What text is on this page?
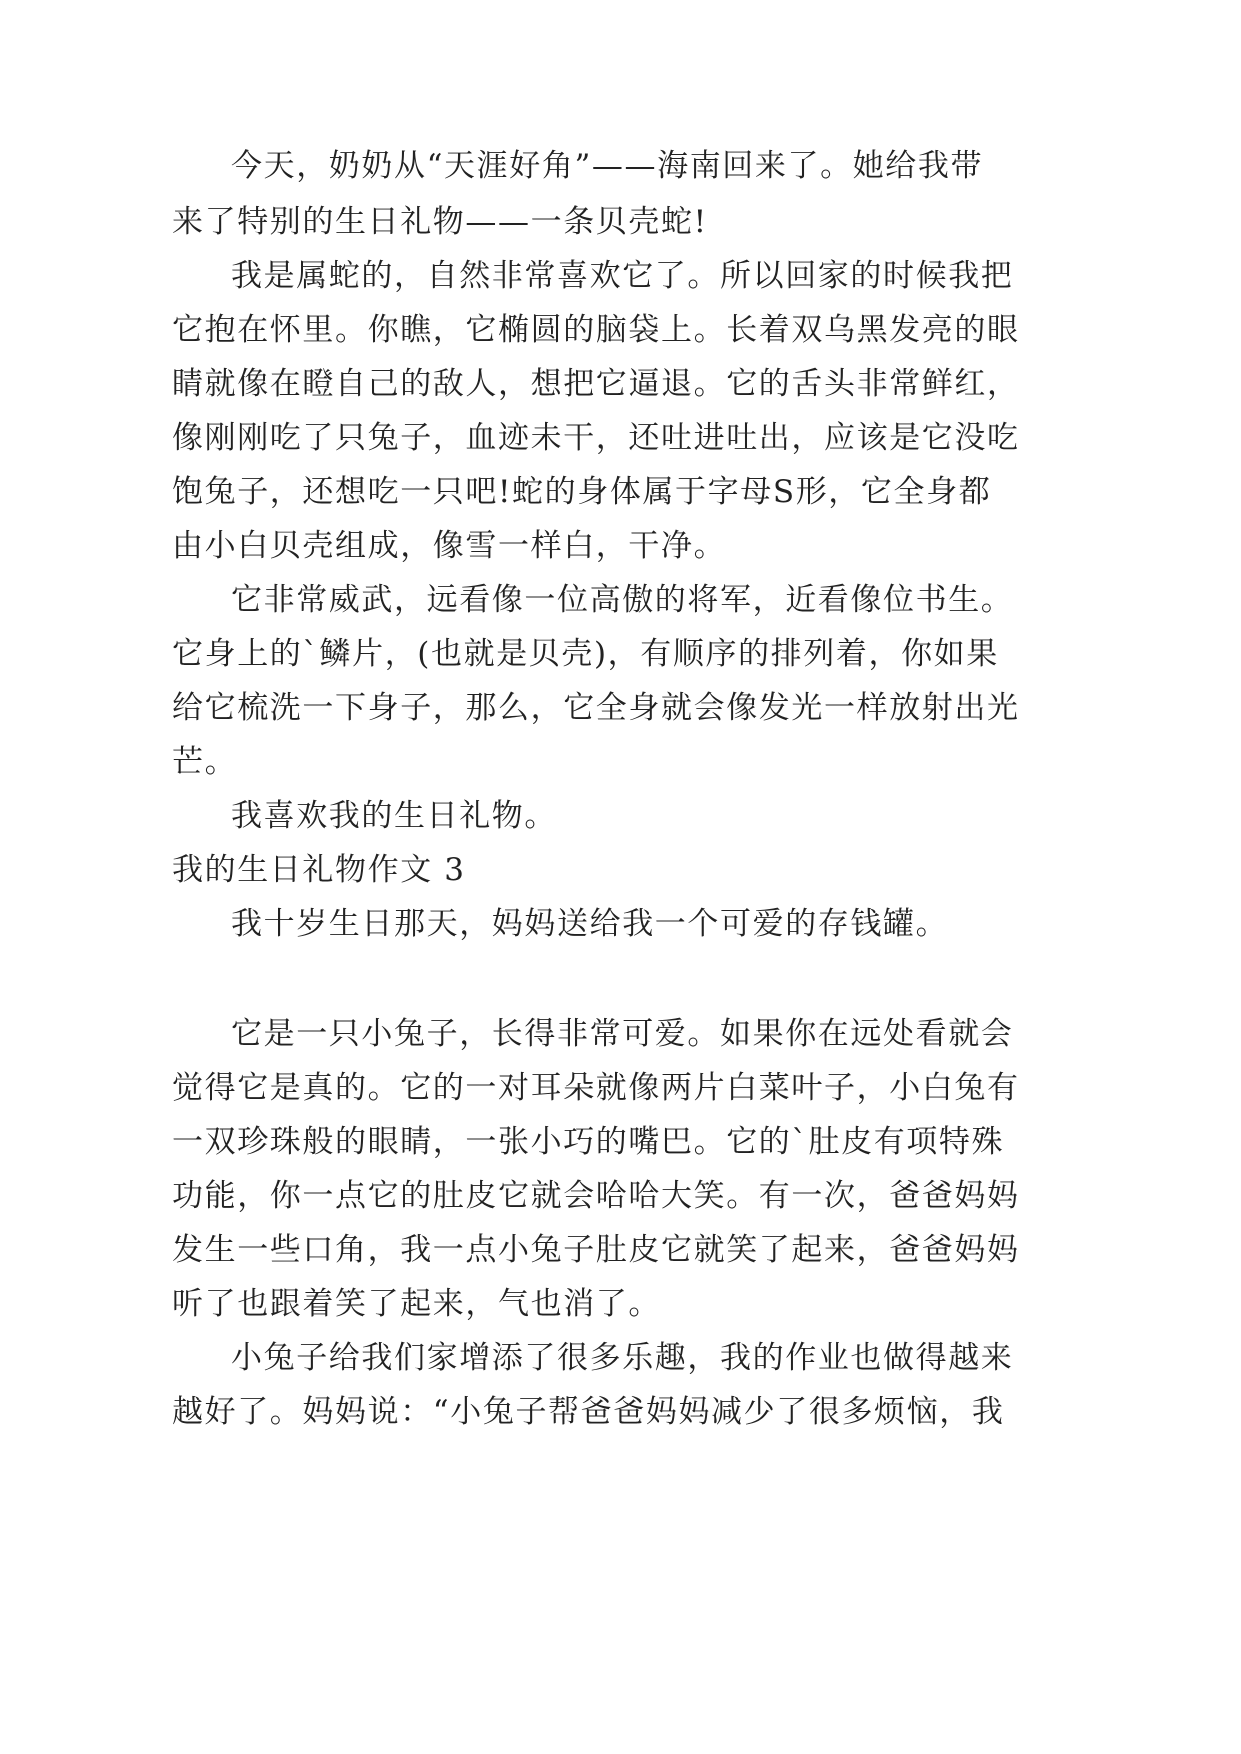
今天，奶奶从“天涯好角”——海南回来了。她给我带
来了特别的生日礼物——一条贝壳蛇!
我是属蛇的，自然非常喜欢它了。所以回家的时候我把
它抱在怀里。你瞧，它椭圆的脑袋上。长着双乌黑发亮的眼
睛就像在瞪自己的敌人，想把它逼退。它的舌头非常鲜红，
像刚刚吃了只兔子，血迹未干，还吐进吐出，应该是它没吃
饱兔子，还想吃一只吧!蛇的身体属于字母S形，它全身都
由小白贝壳组成，像雪一样白，干净。
它非常威武，远看像一位高傲的将军，近看像位书生。
它身上的`鳞片，(也就是贝壳)，有顺序的排列着，你如果
给它梳洗一下身子，那么，它全身就会像发光一样放射出光
芒。
我喜欢我的生日礼物。
我的生日礼物作文 3
我十岁生日那天，妈妈送给我一个可爱的存钱罐。
它是一只小兔子，长得非常可爱。如果你在远处看就会
觉得它是真的。它的一对耳朵就像两片白菜叶子，小白兔有
一双珍珠般的眼睛，一张小巧的嘴巴。它的`肚皮有项特殊
功能，你一点它的肚皮它就会哈哈大笑。有一次，爸爸妈妈
发生一些口角，我一点小兔子肚皮它就笑了起来，爸爸妈妈
听了也跟着笑了起来，气也消了。
小兔子给我们家增添了很多乐趣，我的作业也做得越来
越好了。妈妈说：“小兔子帮爸爸妈妈减少了很多烦恼，我
